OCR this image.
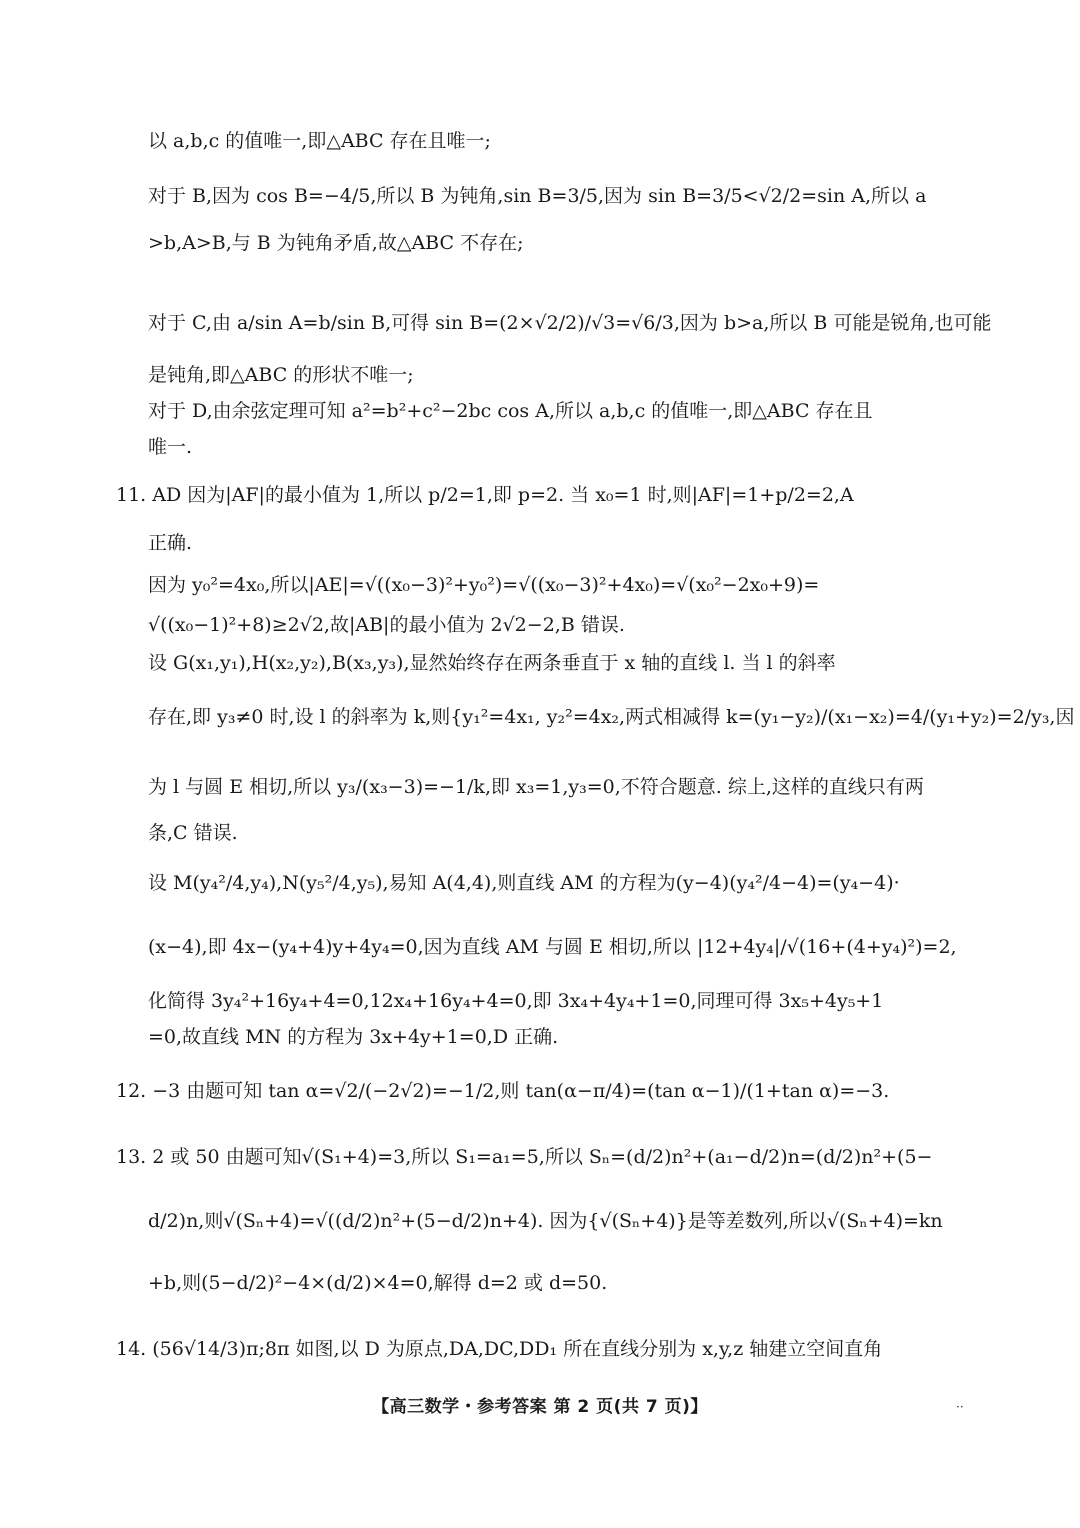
以 a,b,c 的值唯一,即△ABC 存在且唯一;
对于 B,因为 cos B=−4/5,所以 B 为钝角,sin B=3/5,因为 sin B=3/5<√2/2=sin A,所以 a
>b,A>B,与 B 为钝角矛盾,故△ABC 不存在;
对于 C,由 a/sin A=b/sin B,可得 sin B=(2×√2/2)/√3=√6/3,因为 b>a,所以 B 可能是锐角,也可能
是钝角,即△ABC 的形状不唯一;
对于 D,由余弦定理可知 a²=b²+c²−2bc cos A,所以 a,b,c 的值唯一,即△ABC 存在且
唯一.
11. AD 因为|AF|的最小值为 1,所以 p/2=1,即 p=2. 当 x₀=1 时,则|AF|=1+p/2=2,A
正确.
因为 y₀²=4x₀,所以|AE|=√((x₀−3)²+y₀²)=√((x₀−3)²+4x₀)=√(x₀²−2x₀+9)=
√((x₀−1)²+8)≥2√2,故|AB|的最小值为 2√2−2,B 错误.
设 G(x₁,y₁),H(x₂,y₂),B(x₃,y₃),显然始终存在两条垂直于 x 轴的直线 l. 当 l 的斜率
存在,即 y₃≠0 时,设 l 的斜率为 k,则{y₁²=4x₁, y₂²=4x₂,两式相减得 k=(y₁−y₂)/(x₁−x₂)=4/(y₁+y₂)=2/y₃,因
为 l 与圆 E 相切,所以 y₃/(x₃−3)=−1/k,即 x₃=1,y₃=0,不符合题意. 综上,这样的直线只有两
条,C 错误.
设 M(y₄²/4,y₄),N(y₅²/4,y₅),易知 A(4,4),则直线 AM 的方程为(y−4)(y₄²/4−4)=(y₄−4)·
(x−4),即 4x−(y₄+4)y+4y₄=0,因为直线 AM 与圆 E 相切,所以 |12+4y₄|/√(16+(4+y₄)²)=2,
化简得 3y₄²+16y₄+4=0,12x₄+16y₄+4=0,即 3x₄+4y₄+1=0,同理可得 3x₅+4y₅+1
=0,故直线 MN 的方程为 3x+4y+1=0,D 正确.
12. −3 由题可知 tan α=√2/(−2√2)=−1/2,则 tan(α−π/4)=(tan α−1)/(1+tan α)=−3.
13. 2 或 50 由题可知√(S₁+4)=3,所以 S₁=a₁=5,所以 Sₙ=(d/2)n²+(a₁−d/2)n=(d/2)n²+(5−
d/2)n,则√(Sₙ+4)=√((d/2)n²+(5−d/2)n+4). 因为{√(Sₙ+4)}是等差数列,所以√(Sₙ+4)=kn
+b,则(5−d/2)²−4×(d/2)×4=0,解得 d=2 或 d=50.
14. (56√14/3)π;8π 如图,以 D 为原点,DA,DC,DD₁ 所在直线分别为 x,y,z 轴建立空间直角
【高三数学・参考答案 第 2 页(共 7 页)】	··
